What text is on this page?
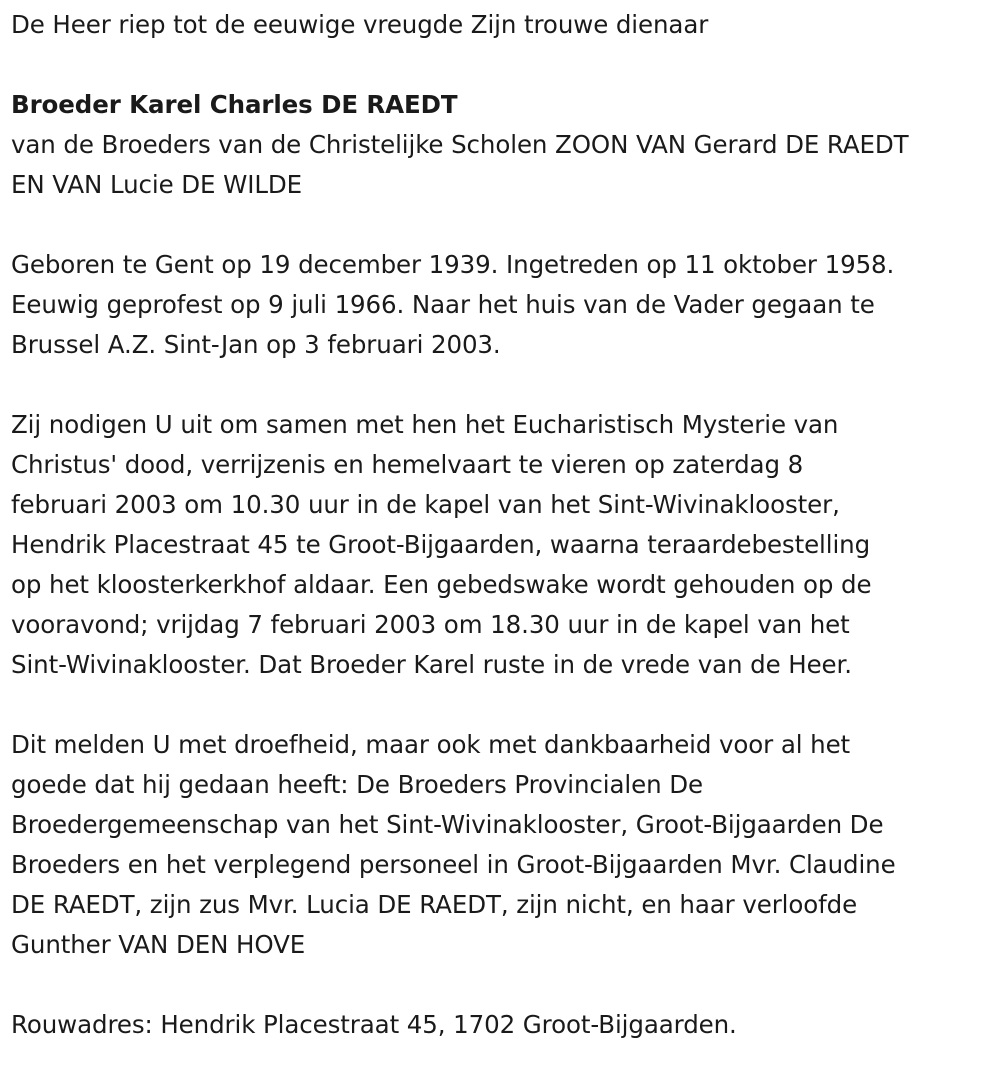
De Heer riep tot de eeuwige vreugde Zijn trouwe dienaar
Broeder Karel Charles DE RAEDT
van de Broeders van de Christelijke Scholen ZOON VAN Gerard DE RAEDT
EN VAN Lucie DE WILDE
Geboren te Gent op 19 december 1939. Ingetreden op 11 oktober 1958.
Eeuwig geprofest op 9 juli 1966. Naar het huis van de Vader gegaan te
Brussel A.Z. Sint-Jan op 3 februari 2003.
Zij nodigen U uit om samen met hen het Eucharistisch Mysterie van
Christus' dood, verrijzenis en hemelvaart te vieren op zaterdag 8
februari 2003 om 10.30 uur in de kapel van het Sint-Wivinaklooster,
Hendrik Placestraat 45 te Groot-Bijgaarden, waarna teraardebestelling
op het kloosterkerkhof aldaar. Een gebedswake wordt gehouden op de
vooravond; vrijdag 7 februari 2003 om 18.30 uur in de kapel van het
Sint-Wivinaklooster. Dat Broeder Karel ruste in de vrede van de Heer.
Dit melden U met droefheid, maar ook met dankbaarheid voor al het
goede dat hij gedaan heeft: De Broeders Provincialen De
Broedergemeenschap van het Sint-Wivinaklooster, Groot-Bijgaarden De
Broeders en het verplegend personeel in Groot-Bijgaarden Mvr. Claudine
DE RAEDT, zijn zus Mvr. Lucia DE RAEDT, zijn nicht, en haar verloofde
Gunther VAN DEN HOVE
Rouwadres: Hendrik Placestraat 45, 1702 Groot-Bijgaarden.
